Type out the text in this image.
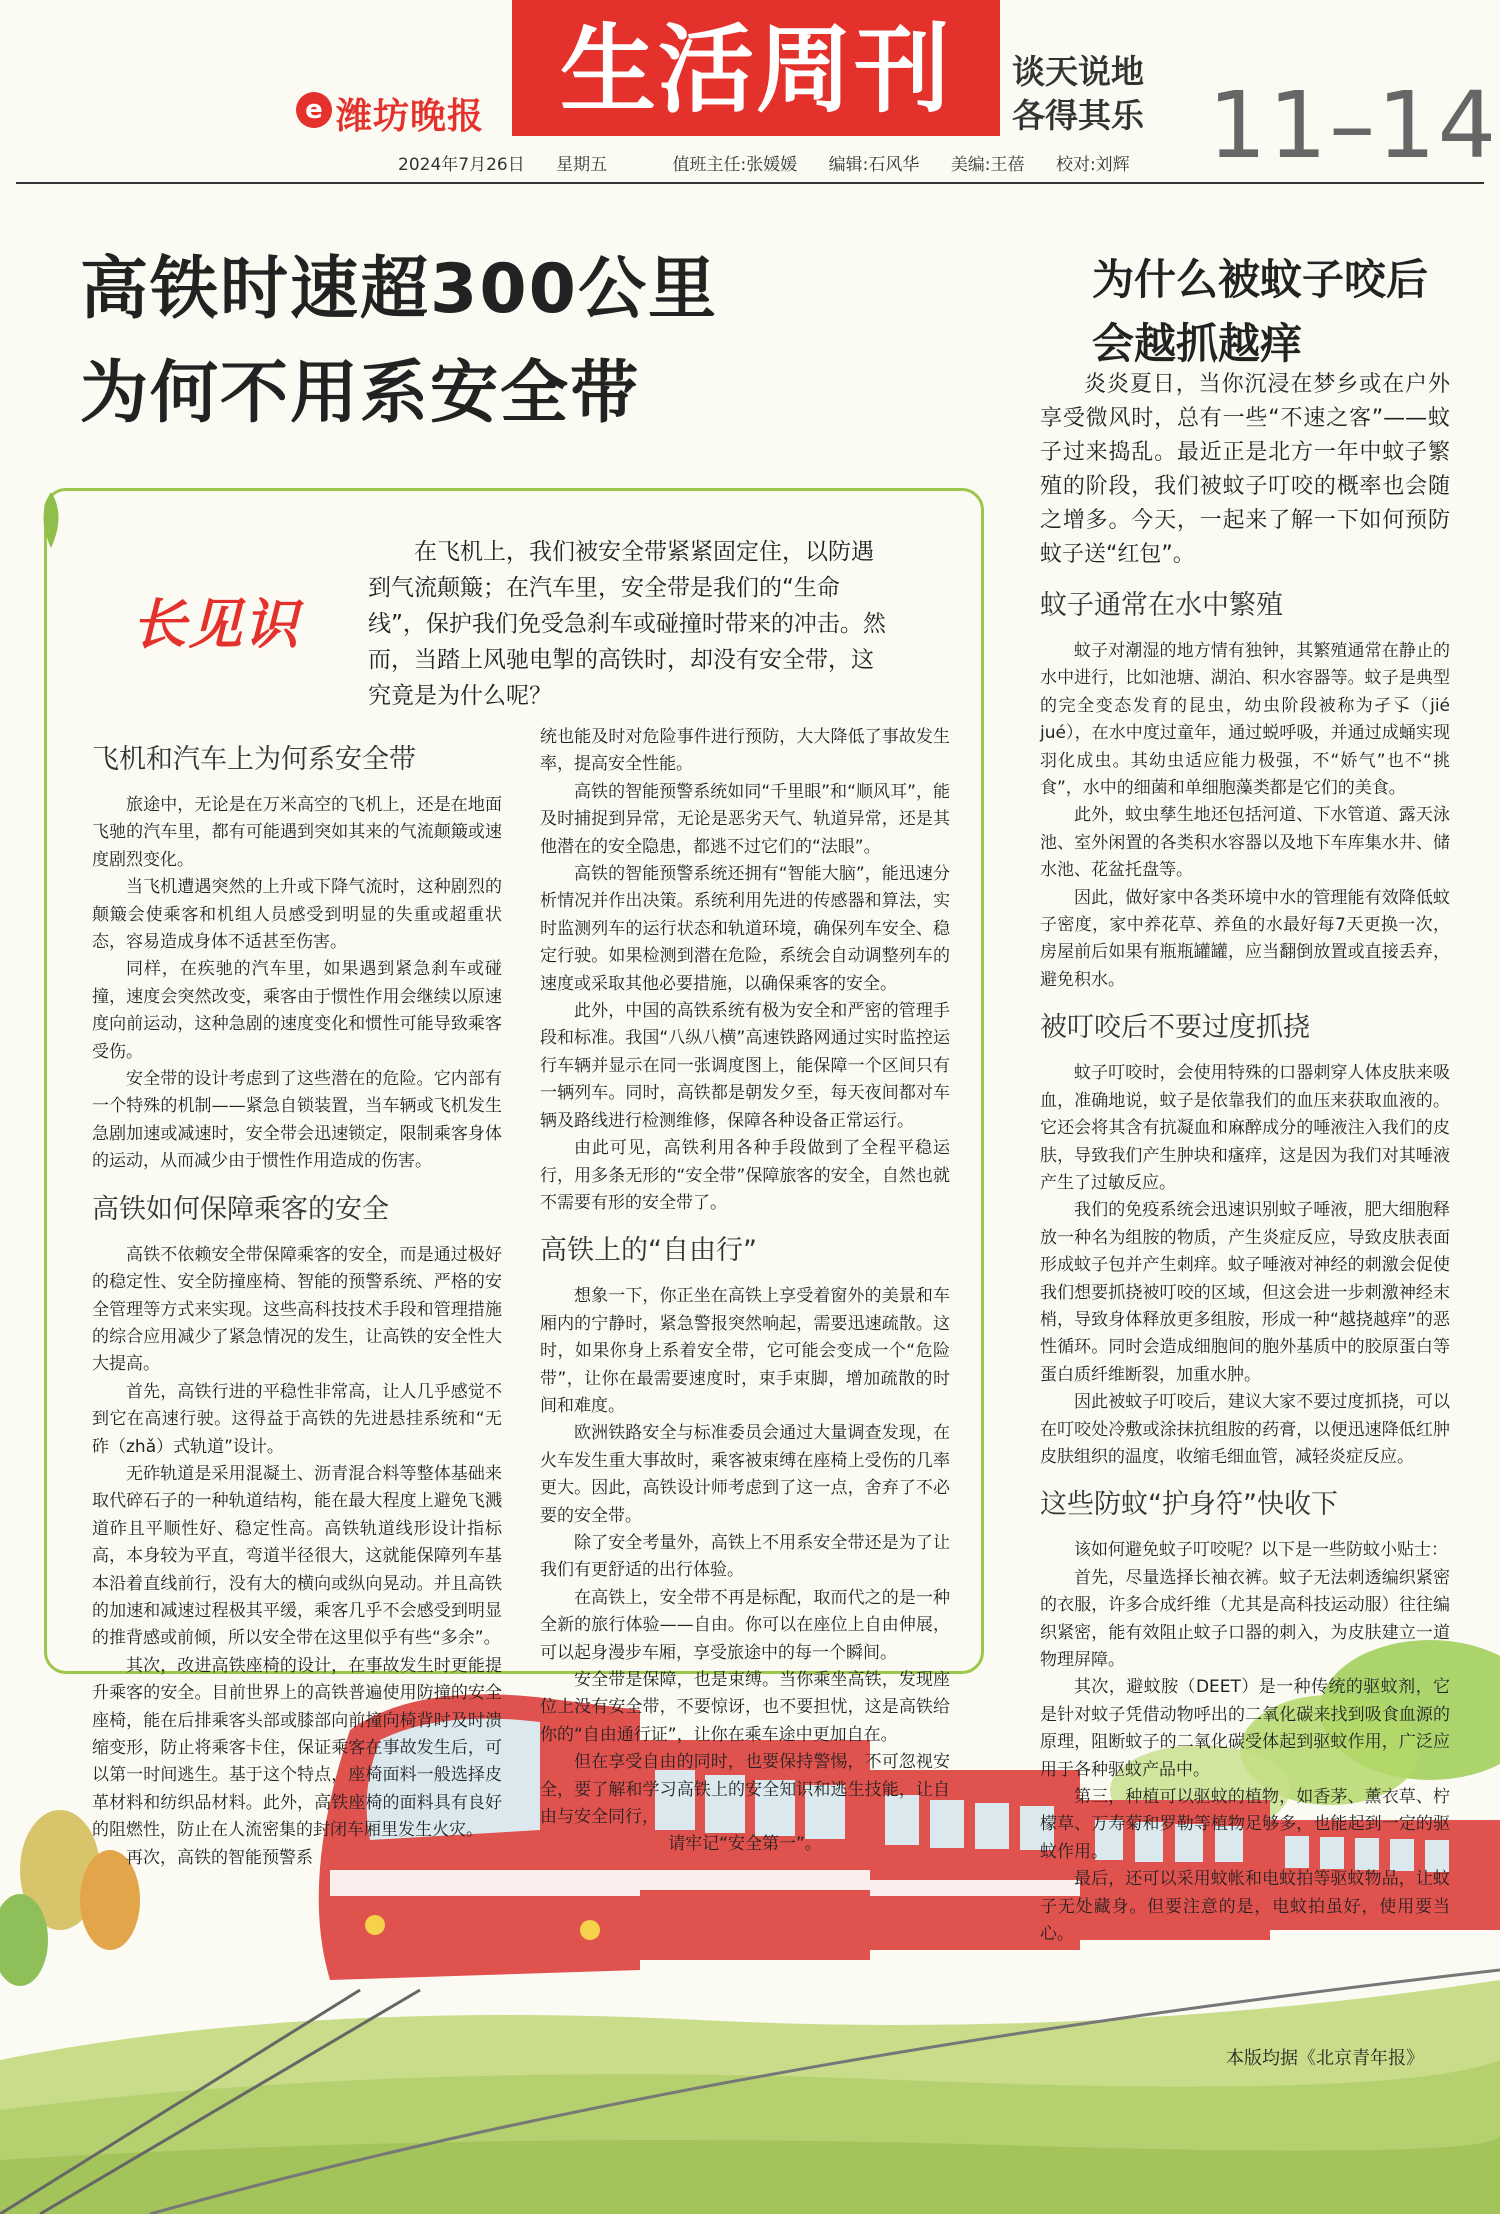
e 潍坊晚报 生活周刊	谈天说地
各得其乐 11–14
2024年7月26日 星期五	值班主任:张媛媛 编辑:石风华 美编:王蓓 校对:刘辉
高铁时速超300公里
为何不用系安全带
为什么被蚊子咬后
会越抓越痒
长见识
在飞机上，我们被安全带紧紧固定住，以防遇到气流颠簸；在汽车里，安全带是我们的“生命线”，保护我们免受急刹车或碰撞时带来的冲击。然而，当踏上风驰电掣的高铁时，却没有安全带，这究竟是为什么呢？
飞机和汽车上为何系安全带

旅途中，无论是在万米高空的飞机上，还是在地面飞驰的汽车里，都有可能遇到突如其来的气流颠簸或速度剧烈变化。

当飞机遭遇突然的上升或下降气流时，这种剧烈的颠簸会使乘客和机组人员感受到明显的失重或超重状态，容易造成身体不适甚至伤害。

同样，在疾驰的汽车里，如果遇到紧急刹车或碰撞，速度会突然改变，乘客由于惯性作用会继续以原速度向前运动，这种急剧的速度变化和惯性可能导致乘客受伤。

安全带的设计考虑到了这些潜在的危险。它内部有一个特殊的机制——紧急自锁装置，当车辆或飞机发生急剧加速或减速时，安全带会迅速锁定，限制乘客身体的运动，从而减少由于惯性作用造成的伤害。

高铁如何保障乘客的安全

高铁不依赖安全带保障乘客的安全，而是通过极好的稳定性、安全防撞座椅、智能的预警系统、严格的安全管理等方式来实现。这些高科技技术手段和管理措施的综合应用减少了紧急情况的发生，让高铁的安全性大大提高。

首先，高铁行进的平稳性非常高，让人几乎感觉不到它在高速行驶。这得益于高铁的先进悬挂系统和“无砟（zhǎ）式轨道”设计。

无砟轨道是采用混凝土、沥青混合料等整体基础来取代碎石子的一种轨道结构，能在最大程度上避免飞溅道砟且平顺性好、稳定性高。高铁轨道线形设计指标高，本身较为平直，弯道半径很大，这就能保障列车基本沿着直线前行，没有大的横向或纵向晃动。并且高铁的加速和减速过程极其平缓，乘客几乎不会感受到明显的推背感或前倾，所以安全带在这里似乎有些“多余”。

其次，改进高铁座椅的设计，在事故发生时更能提升乘客的安全。目前世界上的高铁普遍使用防撞的安全座椅，能在后排乘客头部或膝部向前撞向椅背时及时溃缩变形，防止将乘客卡住，保证乘客在事故发生后，可以第一时间逃生。基于这个特点，座椅面料一般选择皮革材料和纺织品材料。此外，高铁座椅的面料具有良好的阻燃性，防止在人流密集的封闭车厢里发生火灾。

再次，高铁的智能预警系

统也能及时对危险事件进行预防，大大降低了事故发生率，提高安全性能。

高铁的智能预警系统如同“千里眼”和“顺风耳”，能及时捕捉到异常，无论是恶劣天气、轨道异常，还是其他潜在的安全隐患，都逃不过它们的“法眼”。

高铁的智能预警系统还拥有“智能大脑”，能迅速分析情况并作出决策。系统利用先进的传感器和算法，实时监测列车的运行状态和轨道环境，确保列车安全、稳定行驶。如果检测到潜在危险，系统会自动调整列车的速度或采取其他必要措施，以确保乘客的安全。

此外，中国的高铁系统有极为安全和严密的管理手段和标准。我国“八纵八横”高速铁路网通过实时监控运行车辆并显示在同一张调度图上，能保障一个区间只有一辆列车。同时，高铁都是朝发夕至，每天夜间都对车辆及路线进行检测维修，保障各种设备正常运行。

由此可见，高铁利用各种手段做到了全程平稳运行，用多条无形的“安全带”保障旅客的安全，自然也就不需要有形的安全带了。

高铁上的“自由行”

想象一下，你正坐在高铁上享受着窗外的美景和车厢内的宁静时，紧急警报突然响起，需要迅速疏散。这时，如果你身上系着安全带，它可能会变成一个“危险带”，让你在最需要速度时，束手束脚，增加疏散的时间和难度。

欧洲铁路安全与标准委员会通过大量调查发现，在火车发生重大事故时，乘客被束缚在座椅上受伤的几率更大。因此，高铁设计师考虑到了这一点，舍弃了不必要的安全带。

除了安全考量外，高铁上不用系安全带还是为了让我们有更舒适的出行体验。

在高铁上，安全带不再是标配，取而代之的是一种全新的旅行体验——自由。你可以在座位上自由伸展，可以起身漫步车厢，享受旅途中的每一个瞬间。

安全带是保障，也是束缚。当你乘坐高铁，发现座位上没有安全带，不要惊讶，也不要担忧，这是高铁给你的“自由通行证”，让你在乘车途中更加自在。

但在享受自由的同时，也要保持警惕，不可忽视安全，要了解和学习高铁上的安全知识和逃生技能，让自由与安全同行，

请牢记“安全第一”。

炎炎夏日，当你沉浸在梦乡或在户外享受微风时，总有一些“不速之客”——蚊子过来捣乱。最近正是北方一年中蚊子繁殖的阶段，我们被蚊子叮咬的概率也会随之增多。今天，一起来了解一下如何预防蚊子送“红包”。

蚊子通常在水中繁殖

蚊子对潮湿的地方情有独钟，其繁殖通常在静止的水中进行，比如池塘、湖泊、积水容器等。蚊子是典型的完全变态发育的昆虫，幼虫阶段被称为孑孓（jié jué），在水中度过童年，通过蜕呼吸，并通过成蛹实现羽化成虫。其幼虫适应能力极强，不“娇气”也不“挑食”，水中的细菌和单细胞藻类都是它们的美食。

此外，蚊虫孳生地还包括河道、下水管道、露天泳池、室外闲置的各类积水容器以及地下车库集水井、储水池、花盆托盘等。

因此，做好家中各类环境中水的管理能有效降低蚊子密度，家中养花草、养鱼的水最好每7天更换一次，房屋前后如果有瓶瓶罐罐，应当翻倒放置或直接丢弃，避免积水。

被叮咬后不要过度抓挠

蚊子叮咬时，会使用特殊的口器刺穿人体皮肤来吸血，准确地说，蚊子是依靠我们的血压来获取血液的。它还会将其含有抗凝血和麻醉成分的唾液注入我们的皮肤，导致我们产生肿块和瘙痒，这是因为我们对其唾液产生了过敏反应。

我们的免疫系统会迅速识别蚊子唾液，肥大细胞释放一种名为组胺的物质，产生炎症反应，导致皮肤表面形成蚊子包并产生刺痒。蚊子唾液对神经的刺激会促使我们想要抓挠被叮咬的区域，但这会进一步刺激神经末梢，导致身体释放更多组胺，形成一种“越挠越痒”的恶性循环。同时会造成细胞间的胞外基质中的胶原蛋白等蛋白质纤维断裂，加重水肿。

因此被蚊子叮咬后，建议大家不要过度抓挠，可以在叮咬处冷敷或涂抹抗组胺的药膏，以便迅速降低红肿皮肤组织的温度，收缩毛细血管，减轻炎症反应。

这些防蚊“护身符”快收下

该如何避免蚊子叮咬呢？以下是一些防蚊小贴士：

首先，尽量选择长袖衣裤。蚊子无法刺透编织紧密的衣服，许多合成纤维（尤其是高科技运动服）往往编织紧密，能有效阻止蚊子口器的刺入，为皮肤建立一道物理屏障。

其次，避蚊胺（DEET）是一种传统的驱蚊剂，它是针对蚊子凭借动物呼出的二氧化碳来找到吸食血源的原理，阻断蚊子的二氧化碳受体起到驱蚊作用，广泛应用于各种驱蚊产品中。

第三，种植可以驱蚊的植物，如香茅、薰衣草、柠檬草、万寿菊和罗勒等植物足够多，也能起到一定的驱蚊作用。

最后，还可以采用蚊帐和电蚊拍等驱蚊物品，让蚊子无处藏身。但要注意的是，电蚊拍虽好，使用要当心。

本版均据《北京青年报》
